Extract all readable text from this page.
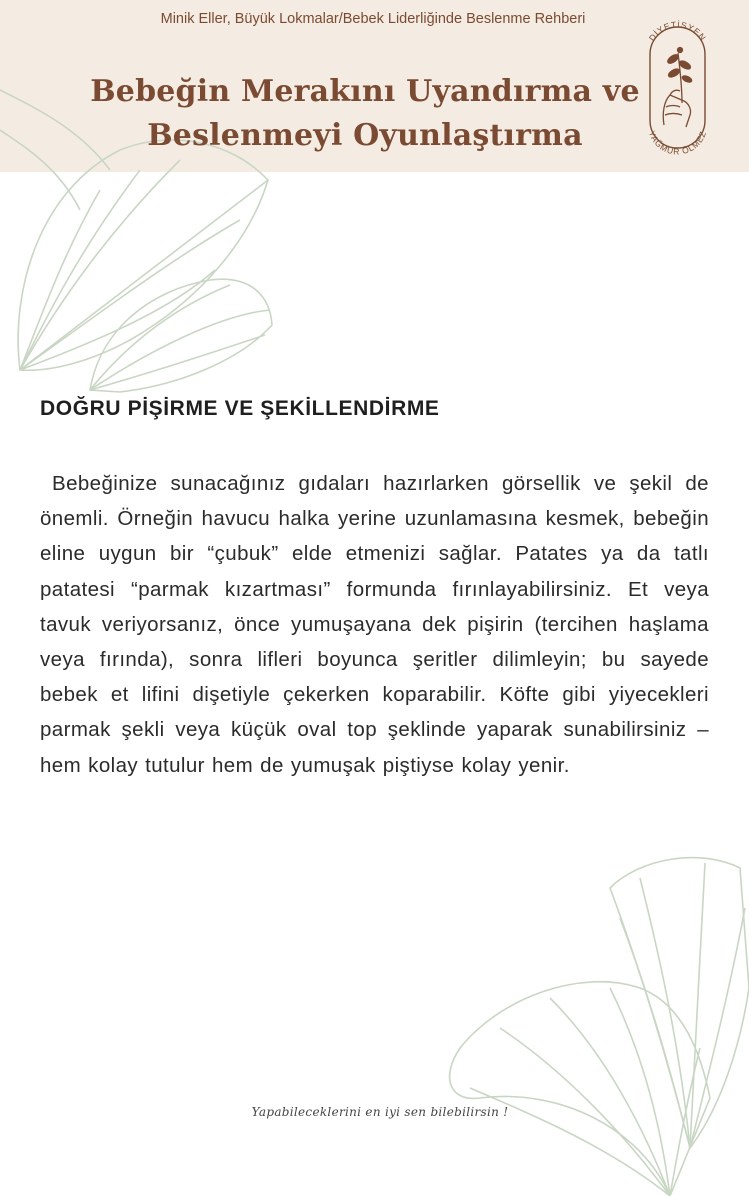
Minik Eller, Büyük Lokmalar/Bebek Liderliğinde Beslenme Rehberi
Bebeğin Merakını Uyandırma ve Beslenmeyi Oyunlaştırma
DİYETİSYEN
YAĞMUR ÖLMEZ
DOĞRU PİŞİRME VE ŞEKİLLENDİRME

Bebeğinize sunacağınız gıdaları hazırlarken görsellik ve şekil de önemli. Örneğin havucu halka yerine uzunlamasına kesmek, bebeğin eline uygun bir “çubuk” elde etmenizi sağlar. Patates ya da tatlı patatesi “parmak kızartması” formunda fırınlayabilirsiniz. Et veya tavuk veriyorsanız, önce yumuşayana dek pişirin (tercihen haşlama veya fırında), sonra lifleri boyunca şeritler dilimleyin; bu sayede bebek et lifini dişetiyle çekerken koparabilir. Köfte gibi yiyecekleri parmak şekli veya küçük oval top şeklinde yaparak sunabilirsiniz – hem kolay tutulur hem de yumuşak piştiyse kolay yenir.

Yapabileceklerini en iyi sen bilebilirsin !
